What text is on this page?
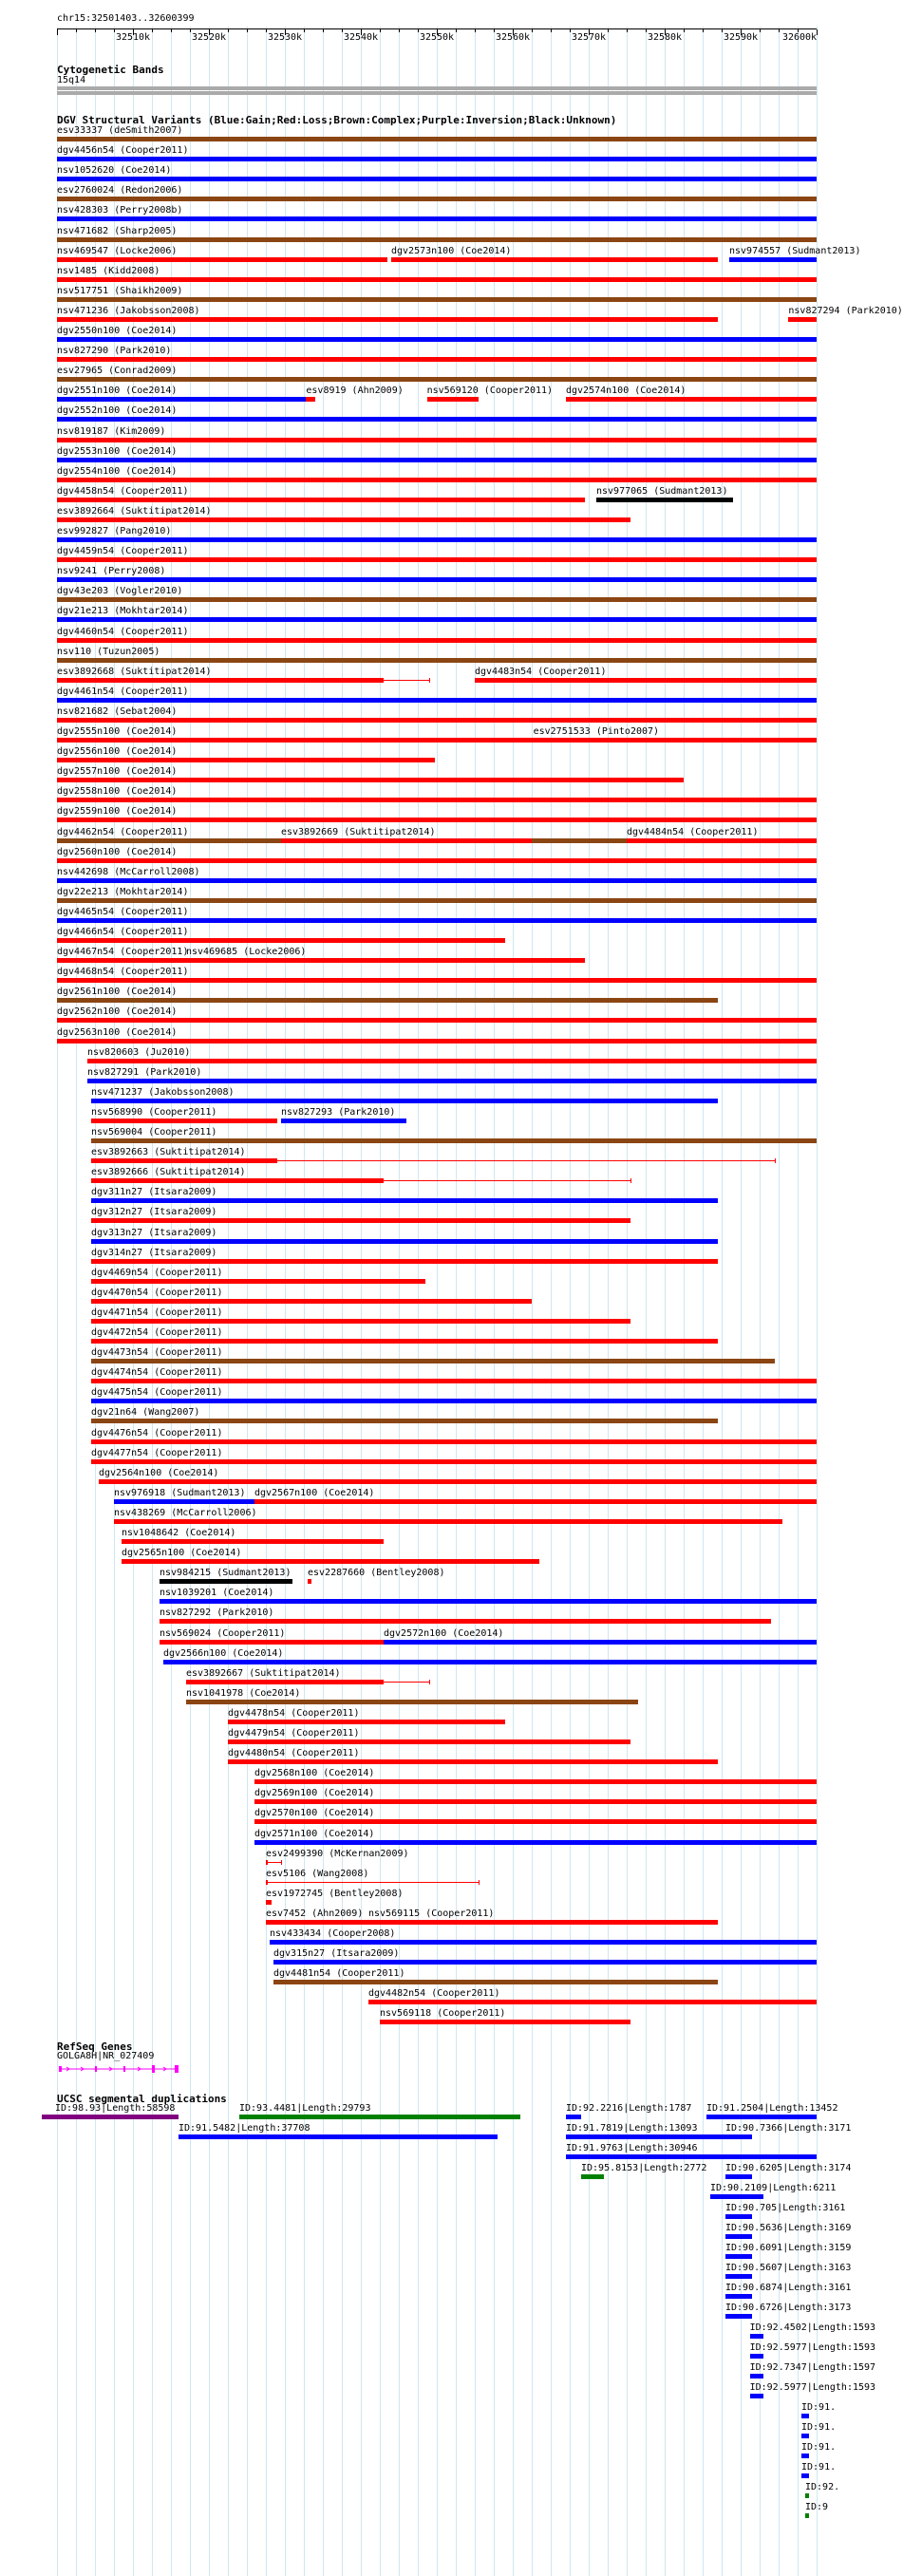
chr15:32501403..32600399
Cytogenetic Bands
15q14
DGV Structural Variants (Blue:Gain;Red:Loss;Brown:Complex;Purple:Inversion;Black:Unknown)
RefSeq Genes
GOLGA8H|NR_027409
UCSC segmental duplications
32510k	32520k	32530k	32540k	32550k	32560k	32570k	32580k	32590k	32600k
esv33337 (deSmith2007)
dgv4456n54 (Cooper2011)
nsv1052620 (Coe2014)
esv2760024 (Redon2006)
nsv428303 (Perry2008b)
nsv471682 (Sharp2005)
nsv469547 (Locke2006)	dgv2573n100 (Coe2014)	nsv974557 (Sudmant2013)
nsv1485 (Kidd2008)
nsv517751 (Shaikh2009)
nsv471236 (Jakobsson2008)	nsv827294 (Park2010)
dgv2550n100 (Coe2014)
nsv827290 (Park2010)
esv27965 (Conrad2009)
dgv2551n100 (Coe2014)	esv8919 (Ahn2009) nsv569120 (Cooper2011) dgv2574n100 (Coe2014)
dgv2552n100 (Coe2014)
nsv819187 (Kim2009)
dgv2553n100 (Coe2014)
dgv2554n100 (Coe2014)
dgv4458n54 (Cooper2011)	nsv977065 (Sudmant2013)
esv3892664 (Suktitipat2014)
esv992827 (Pang2010)
dgv4459n54 (Cooper2011)
nsv9241 (Perry2008)
dgv43e203 (Vogler2010)
dgv21e213 (Mokhtar2014)
dgv4460n54 (Cooper2011)
nsv110 (Tuzun2005)
esv3892668 (Suktitipat2014)	dgv4483n54 (Cooper2011)
dgv4461n54 (Cooper2011)
nsv821682 (Sebat2004)
dgv2555n100 (Coe2014)	esv2751533 (Pinto2007)
dgv2556n100 (Coe2014)
dgv2557n100 (Coe2014)
dgv2558n100 (Coe2014)
dgv2559n100 (Coe2014)
dgv4462n54 (Cooper2011)	esv3892669 (Suktitipat2014)	dgv4484n54 (Cooper2011)
dgv2560n100 (Coe2014)
nsv442698 (McCarroll2008)
dgv22e213 (Mokhtar2014)
dgv4465n54 (Cooper2011)
dgv4466n54 (Cooper2011)
dgv4467n54 (Cooper2011)
nsv469685 (Locke2006)
dgv4468n54 (Cooper2011)
dgv2561n100 (Coe2014)
dgv2562n100 (Coe2014)
dgv2563n100 (Coe2014)
nsv820603 (Ju2010)
nsv827291 (Park2010)
nsv471237 (Jakobsson2008)
nsv568990 (Cooper2011)	nsv827293 (Park2010)
nsv569004 (Cooper2011)
esv3892663 (Suktitipat2014)
esv3892666 (Suktitipat2014)
dgv311n27 (Itsara2009)
dgv312n27 (Itsara2009)
dgv313n27 (Itsara2009)
dgv314n27 (Itsara2009)
dgv4469n54 (Cooper2011)
dgv4470n54 (Cooper2011)
dgv4471n54 (Cooper2011)
dgv4472n54 (Cooper2011)
dgv4473n54 (Cooper2011)
dgv4474n54 (Cooper2011)
dgv4475n54 (Cooper2011)
dgv21n64 (Wang2007)
dgv4476n54 (Cooper2011)
dgv4477n54 (Cooper2011)
dgv2564n100 (Coe2014)
nsv976918 (Sudmant2013) dgv2567n100 (Coe2014)
nsv438269 (McCarroll2006)
nsv1048642 (Coe2014)
dgv2565n100 (Coe2014)
nsv984215 (Sudmant2013) esv2287660 (Bentley2008)
nsv1039201 (Coe2014)
nsv827292 (Park2010)
nsv569024 (Cooper2011)	dgv2572n100 (Coe2014)
dgv2566n100 (Coe2014)
esv3892667 (Suktitipat2014)
nsv1041978 (Coe2014)
dgv4478n54 (Cooper2011)
dgv4479n54 (Cooper2011)
dgv4480n54 (Cooper2011)
dgv2568n100 (Coe2014)
dgv2569n100 (Coe2014)
dgv2570n100 (Coe2014)
dgv2571n100 (Coe2014)
esv2499390 (McKernan2009)
esv5106 (Wang2008)
esv1972745 (Bentley2008)
esv7452 (Ahn2009) nsv569115 (Cooper2011)
nsv433434 (Cooper2008)
dgv315n27 (Itsara2009)
dgv4481n54 (Cooper2011)
dgv4482n54 (Cooper2011)
nsv569118 (Cooper2011)
ID:98.93|Length:58598	ID:93.4481|Length:29793	ID:92.2216|Length:1787 ID:91.2504|Length:13452
ID:91.5482|Length:37708	ID:91.7819|Length:13093	ID:90.7366|Length:3171
ID:91.9763|Length:30946
ID:95.8153|Length:2772 ID:90.6205|Length:3174
ID:90.2109|Length:6211
ID:90.705|Length:3161
ID:90.5636|Length:3169
ID:90.6091|Length:3159
ID:90.5607|Length:3163
ID:90.6874|Length:3161
ID:90.6726|Length:3173
ID:92.4502|Length:1593
ID:92.5977|Length:1593
ID:92.7347|Length:1597
ID:92.5977|Length:1593
ID:91.
ID:91.
ID:91.
ID:91.
ID:92.
ID:9
